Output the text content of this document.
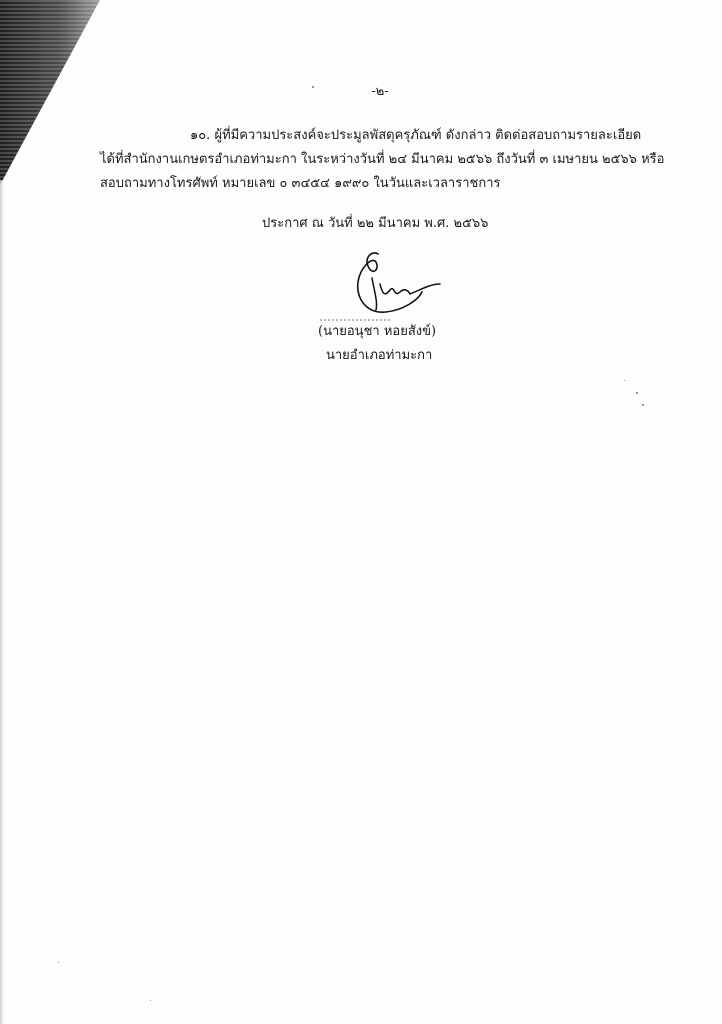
-๒-
๑๐. ผู้ที่มีความประสงค์จะประมูลพัสดุครุภัณฑ์ ดังกล่าว ติดต่อสอบถามรายละเอียด
ได้ที่สำนักงานเกษตรอำเภอท่ามะกา ในระหว่างวันที่ ๒๔ มีนาคม ๒๕๖๖ ถึงวันที่ ๓ เมษายน ๒๕๖๖ หรือ
สอบถามทางโทรศัพท์ หมายเลข ๐ ๓๔๕๔ ๑๙๙๐ ในวันและเวลาราชการ
ประกาศ ณ วันที่ ๒๒ มีนาคม พ.ศ. ๒๕๖๖
(นายอนุชา หอยสังข์)
นายอำเภอท่ามะกา
